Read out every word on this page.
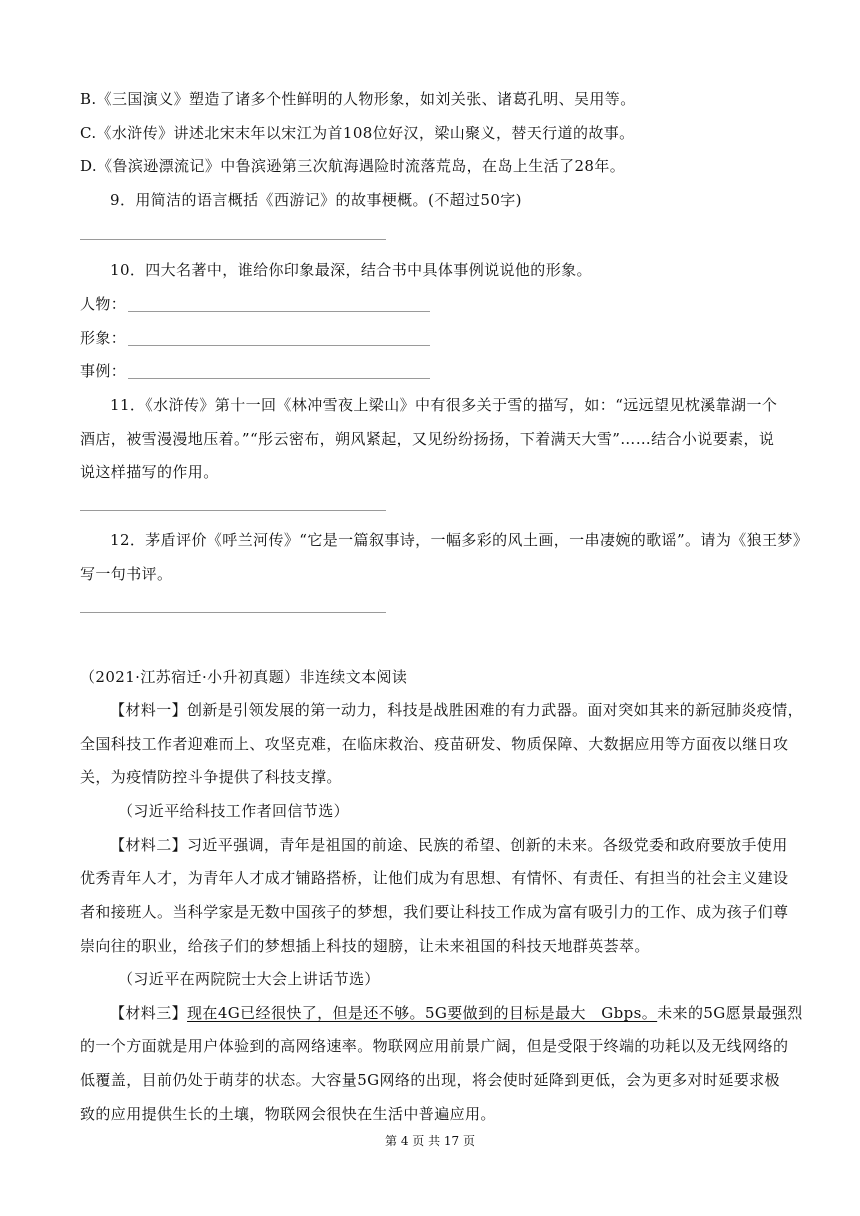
B.《三国演义》塑造了诸多个性鲜明的人物形象，如刘关张、诸葛孔明、吴用等。
C.《水浒传》讲述北宋末年以宋江为首108位好汉，梁山聚义，替天行道的故事。
D.《鲁滨逊漂流记》中鲁滨逊第三次航海遇险时流落荒岛，在岛上生活了28年。
9．用简洁的语言概括《西游记》的故事梗概。(不超过50字)
10．四大名著中，谁给你印象最深，结合书中具体事例说说他的形象。
人物：
形象：
事例：
11．《水浒传》第十一回《林冲雪夜上梁山》中有很多关于雪的描写，如：“远远望见枕溪靠湖一个
酒店，被雪漫漫地压着。”“彤云密布，朔风紧起，又见纷纷扬扬，下着满天大雪”……结合小说要素，说
说这样描写的作用。
12．茅盾评价《呼兰河传》“它是一篇叙事诗，一幅多彩的风土画，一串凄婉的歌谣”。请为《狼王梦》
写一句书评。
（2021·江苏宿迁·小升初真题）非连续文本阅读
【材料一】创新是引领发展的第一动力，科技是战胜困难的有力武器。面对突如其来的新冠肺炎疫情，
全国科技工作者迎难而上、攻坚克难，在临床救治、疫苗研发、物质保障、大数据应用等方面夜以继日攻
关，为疫情防控斗争提供了科技支撑。
（习近平给科技工作者回信节选）
【材料二】习近平强调，青年是祖国的前途、民族的希望、创新的未来。各级党委和政府要放手使用
优秀青年人才，为青年人才成才铺路搭桥，让他们成为有思想、有情怀、有责任、有担当的社会主义建设
者和接班人。当科学家是无数中国孩子的梦想，我们要让科技工作成为富有吸引力的工作、成为孩子们尊
崇向往的职业，给孩子们的梦想插上科技的翅膀，让未来祖国的科技天地群英荟萃。
（习近平在两院院士大会上讲话节选）
【材料三】现在4G已经很快了，但是还不够。5G要做到的目标是最大　Gbps。未来的5G愿景最强烈
的一个方面就是用户体验到的高网络速率。物联网应用前景广阔，但是受限于终端的功耗以及无线网络的
低覆盖，目前仍处于萌芽的状态。大容量5G网络的出现，将会使时延降到更低，会为更多对时延要求极
致的应用提供生长的土壤，物联网会很快在生活中普遍应用。
第 4 页 共 17 页
